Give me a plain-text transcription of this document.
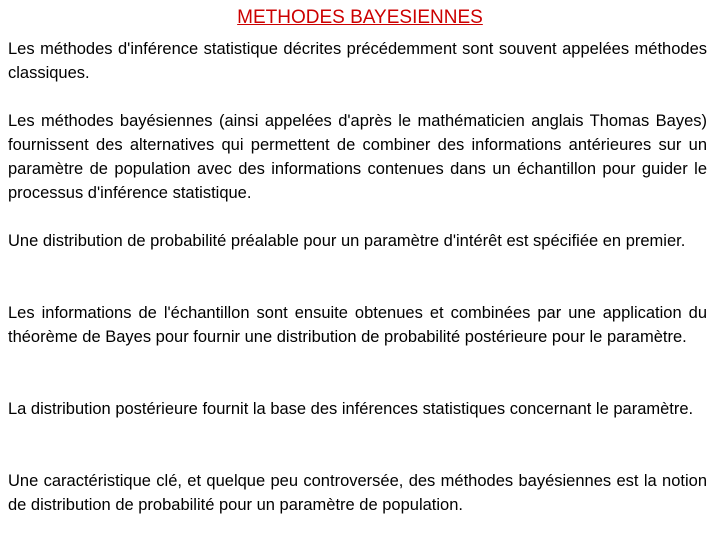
METHODES BAYESIENNES

Les méthodes d'inférence statistique décrites précédemment sont souvent appelées méthodes classiques.

Les méthodes bayésiennes (ainsi appelées d'après le mathématicien anglais Thomas Bayes) fournissent des alternatives qui permettent de combiner des informations antérieures sur un paramètre de population avec des informations contenues dans un échantillon pour guider le processus d'inférence statistique.

Une distribution de probabilité préalable pour un paramètre d'intérêt est spécifiée en premier.

Les informations de l'échantillon sont ensuite obtenues et combinées par une application du théorème de Bayes pour fournir une distribution de probabilité postérieure pour le paramètre.

La distribution postérieure fournit la base des inférences statistiques concernant le paramètre.

Une caractéristique clé, et quelque peu controversée, des méthodes bayésiennes est la notion de distribution de probabilité pour un paramètre de population.
